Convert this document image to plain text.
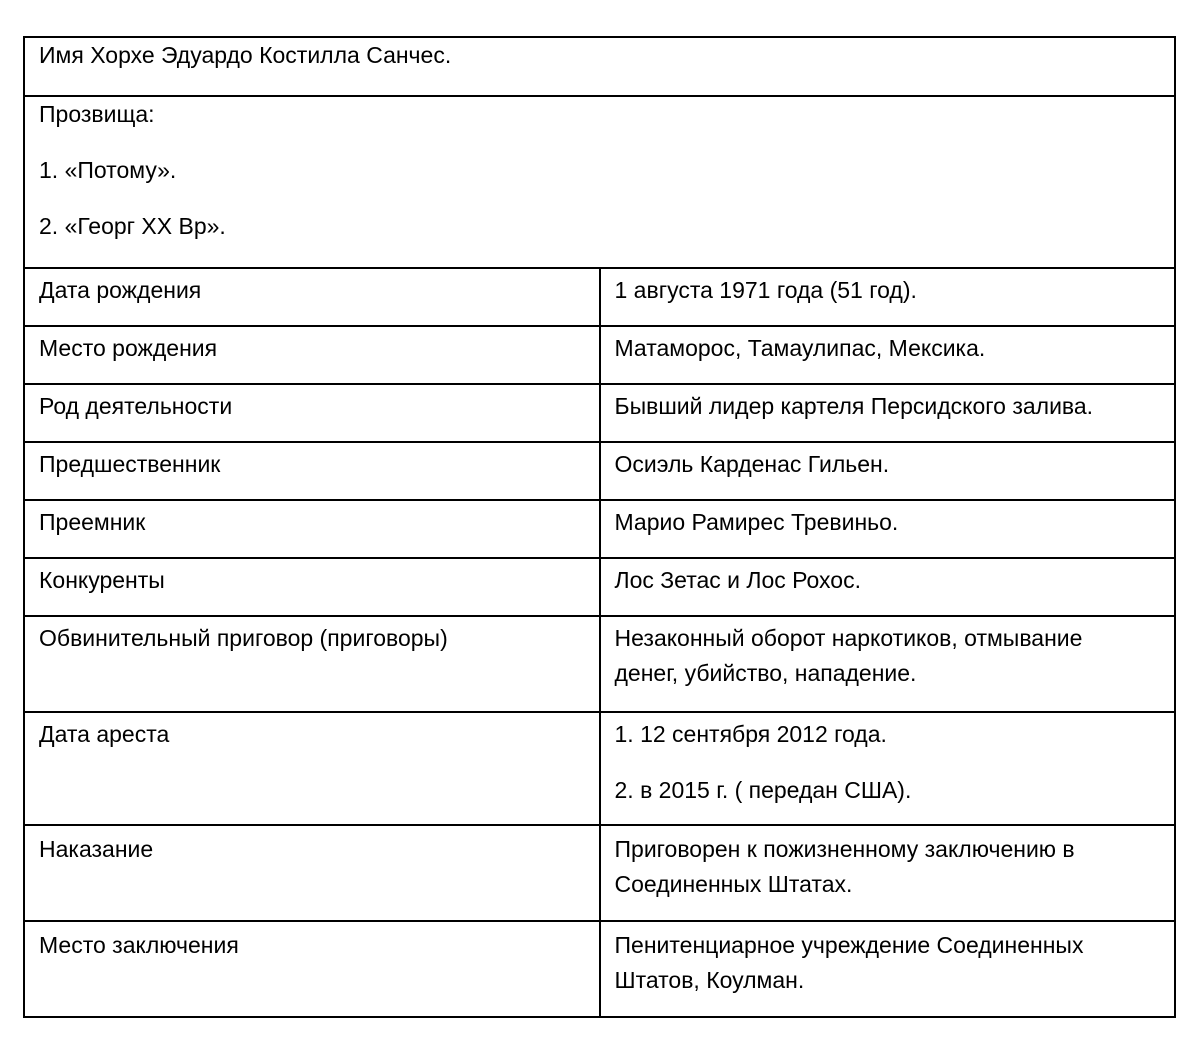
Имя Хорхе Эдуардо Костилла Санчес.	

Прозвища:
1. «Потому».
2. «Георг XX Вр».	

Дата рождения	1 августа 1971 года (51 год).

Место рождения	Матаморос, Тамаулипас, Мексика.

Род деятельности	Бывший лидер картеля Персидского залива.

Предшественник	Осиэль Карденас Гильен.

Преемник	Марио Рамирес Тревиньо.

Конкуренты	Лос Зетас и Лос Рохос.

Обвинительный приговор (приговоры)	Незаконный оборот наркотиков, отмывание
денег, убийство, нападение.

Дата ареста	1. 12 сентября 2012 года.
2. в 2015 г. ( передан США).

Наказание	Приговорен к пожизненному заключению в
Соединенных Штатах.

Место заключения	Пенитенциарное учреждение Соединенных
Штатов, Коулман.
